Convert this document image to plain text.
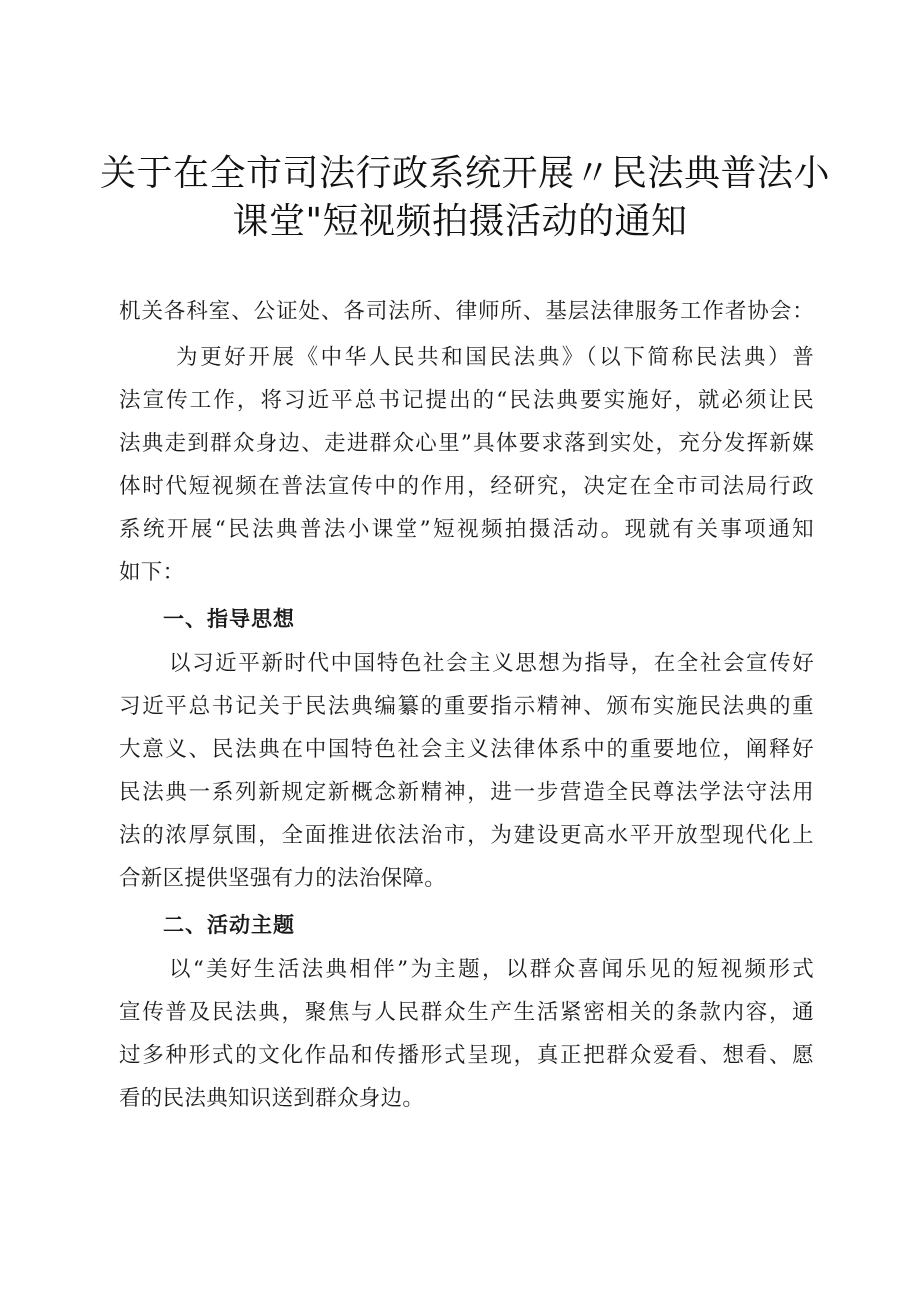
关于在全市司法行政系统开展〃民法典普法小
课堂"短视频拍摄活动的通知
机关各科室、公证处、各司法所、律师所、基层法律服务工作者协会：
为更好开展《中华人民共和国民法典》（以下简称民法典）普
法宣传工作，将习近平总书记提出的“民法典要实施好，就必须让民
法典走到群众身边、走进群众心里”具体要求落到实处，充分发挥新媒
体时代短视频在普法宣传中的作用，经研究，决定在全市司法局行政
系统开展“民法典普法小课堂”短视频拍摄活动。现就有关事项通知
如下：
一、指导思想
以习近平新时代中国特色社会主义思想为指导，在全社会宣传好
习近平总书记关于民法典编纂的重要指示精神、颁布实施民法典的重
大意义、民法典在中国特色社会主义法律体系中的重要地位，阐释好
民法典一系列新规定新概念新精神，进一步营造全民尊法学法守法用
法的浓厚氛围，全面推进依法治市，为建设更高水平开放型现代化上
合新区提供坚强有力的法治保障。
二、活动主题
以“美好生活法典相伴”为主题，以群众喜闻乐见的短视频形式
宣传普及民法典，聚焦与人民群众生产生活紧密相关的条款内容，通
过多种形式的文化作品和传播形式呈现，真正把群众爱看、想看、愿
看的民法典知识送到群众身边。
